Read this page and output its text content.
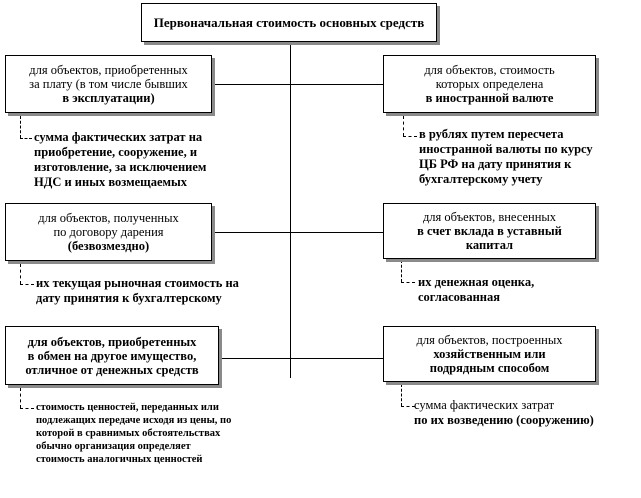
Первоначальная стоимость основных средств
для объектов, приобретенных
за плату (в том числе бывших
в эксплуатации)
для объектов, полученных
по договору дарения
(безвозмездно)
для объектов, приобретенных
в обмен на другое имущество,
отличное от денежных средств
для объектов, стоимость
которых определена
в иностранной валюте
для объектов, внесенных
в счет вклада в уставный
капитал
для объектов, построенных
хозяйственным или
подрядным способом
сумма фактических затрат на
приобретение, сооружение, и
изготовление, за исключением
НДС и иных возмещаемых
их текущая рыночная стоимость на
дату принятия к бухгалтерскому
стоимость ценностей, переданных или
подлежащих передаче исходя из цены, по
которой в сравнимых обстоятельствах
обычно организация определяет
стоимость аналогичных ценностей
в рублях путем пересчета
иностранной валюты по курсу
ЦБ РФ на дату принятия к
бухгалтерскому учету
их денежная оценка,
согласованная
сумма фактических затрат
по их возведению (сооружению)
